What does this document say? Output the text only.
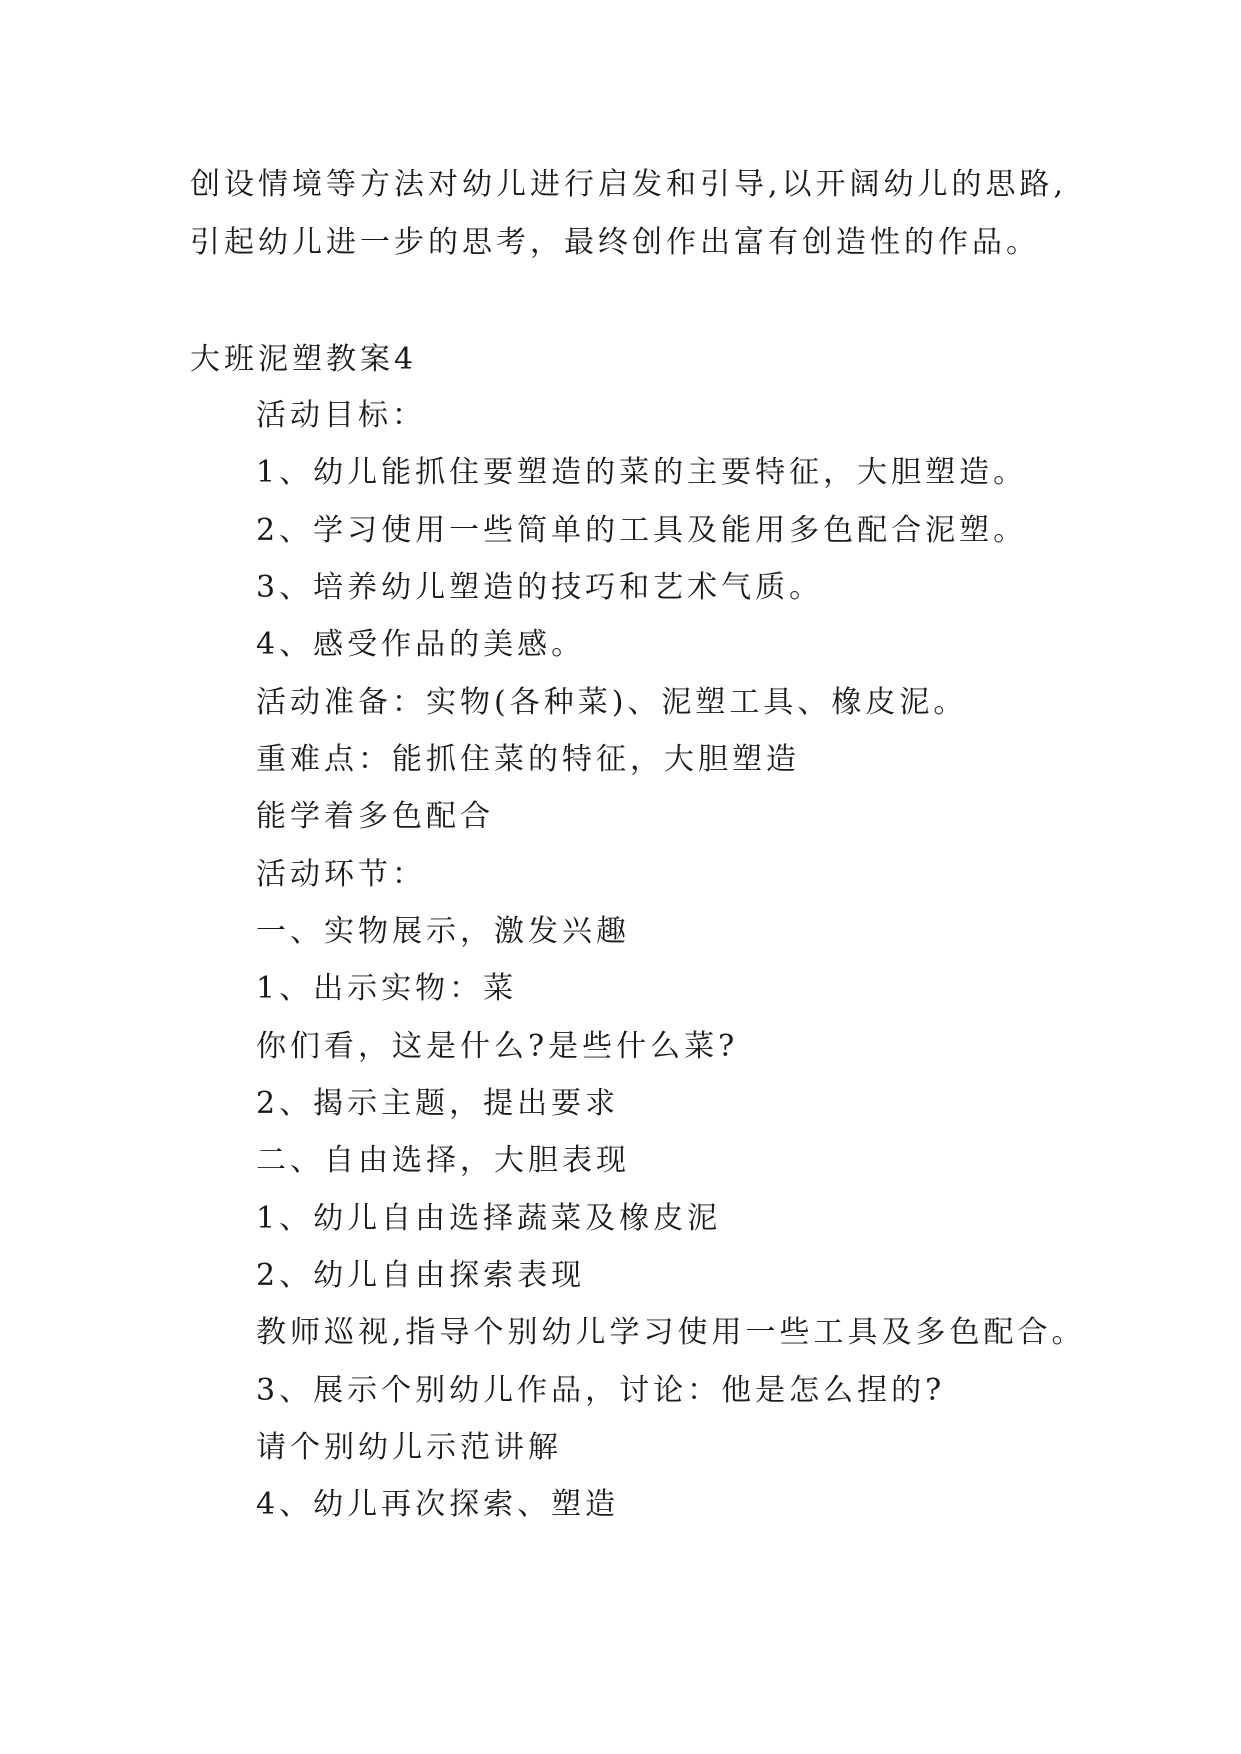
创设情境等方法对幼儿进行启发和引导,以开阔幼儿的思路,
引起幼儿进一步的思考，最终创作出富有创造性的作品。
大班泥塑教案4
活动目标：
1、幼儿能抓住要塑造的菜的主要特征，大胆塑造。
2、学习使用一些简单的工具及能用多色配合泥塑。
3、培养幼儿塑造的技巧和艺术气质。
4、感受作品的美感。
活动准备：实物(各种菜)、泥塑工具、橡皮泥。
重难点：能抓住菜的特征，大胆塑造
能学着多色配合
活动环节：
一、实物展示，激发兴趣
1、出示实物：菜
你们看，这是什么?是些什么菜?
2、揭示主题，提出要求
二、自由选择，大胆表现
1、幼儿自由选择蔬菜及橡皮泥
2、幼儿自由探索表现
教师巡视,指导个别幼儿学习使用一些工具及多色配合。
3、展示个别幼儿作品，讨论：他是怎么捏的?
请个别幼儿示范讲解
4、幼儿再次探索、塑造
